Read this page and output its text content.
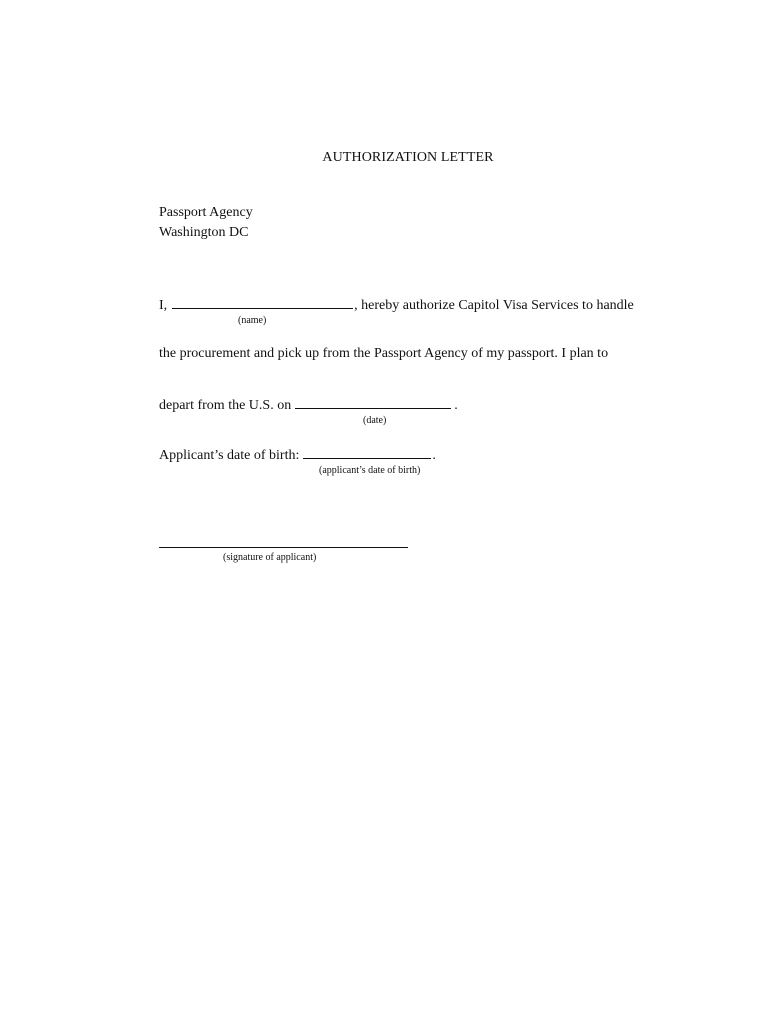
AUTHORIZATION LETTER
Passport Agency
Washington DC
I,	, hereby authorize Capitol Visa Services to handle
(name)
the procurement and pick up from the Passport Agency of my passport. I plan to
depart from the U.S. on	.
(date)
Applicant’s date of birth:	.
(applicant’s date of birth)
(signature of applicant)
